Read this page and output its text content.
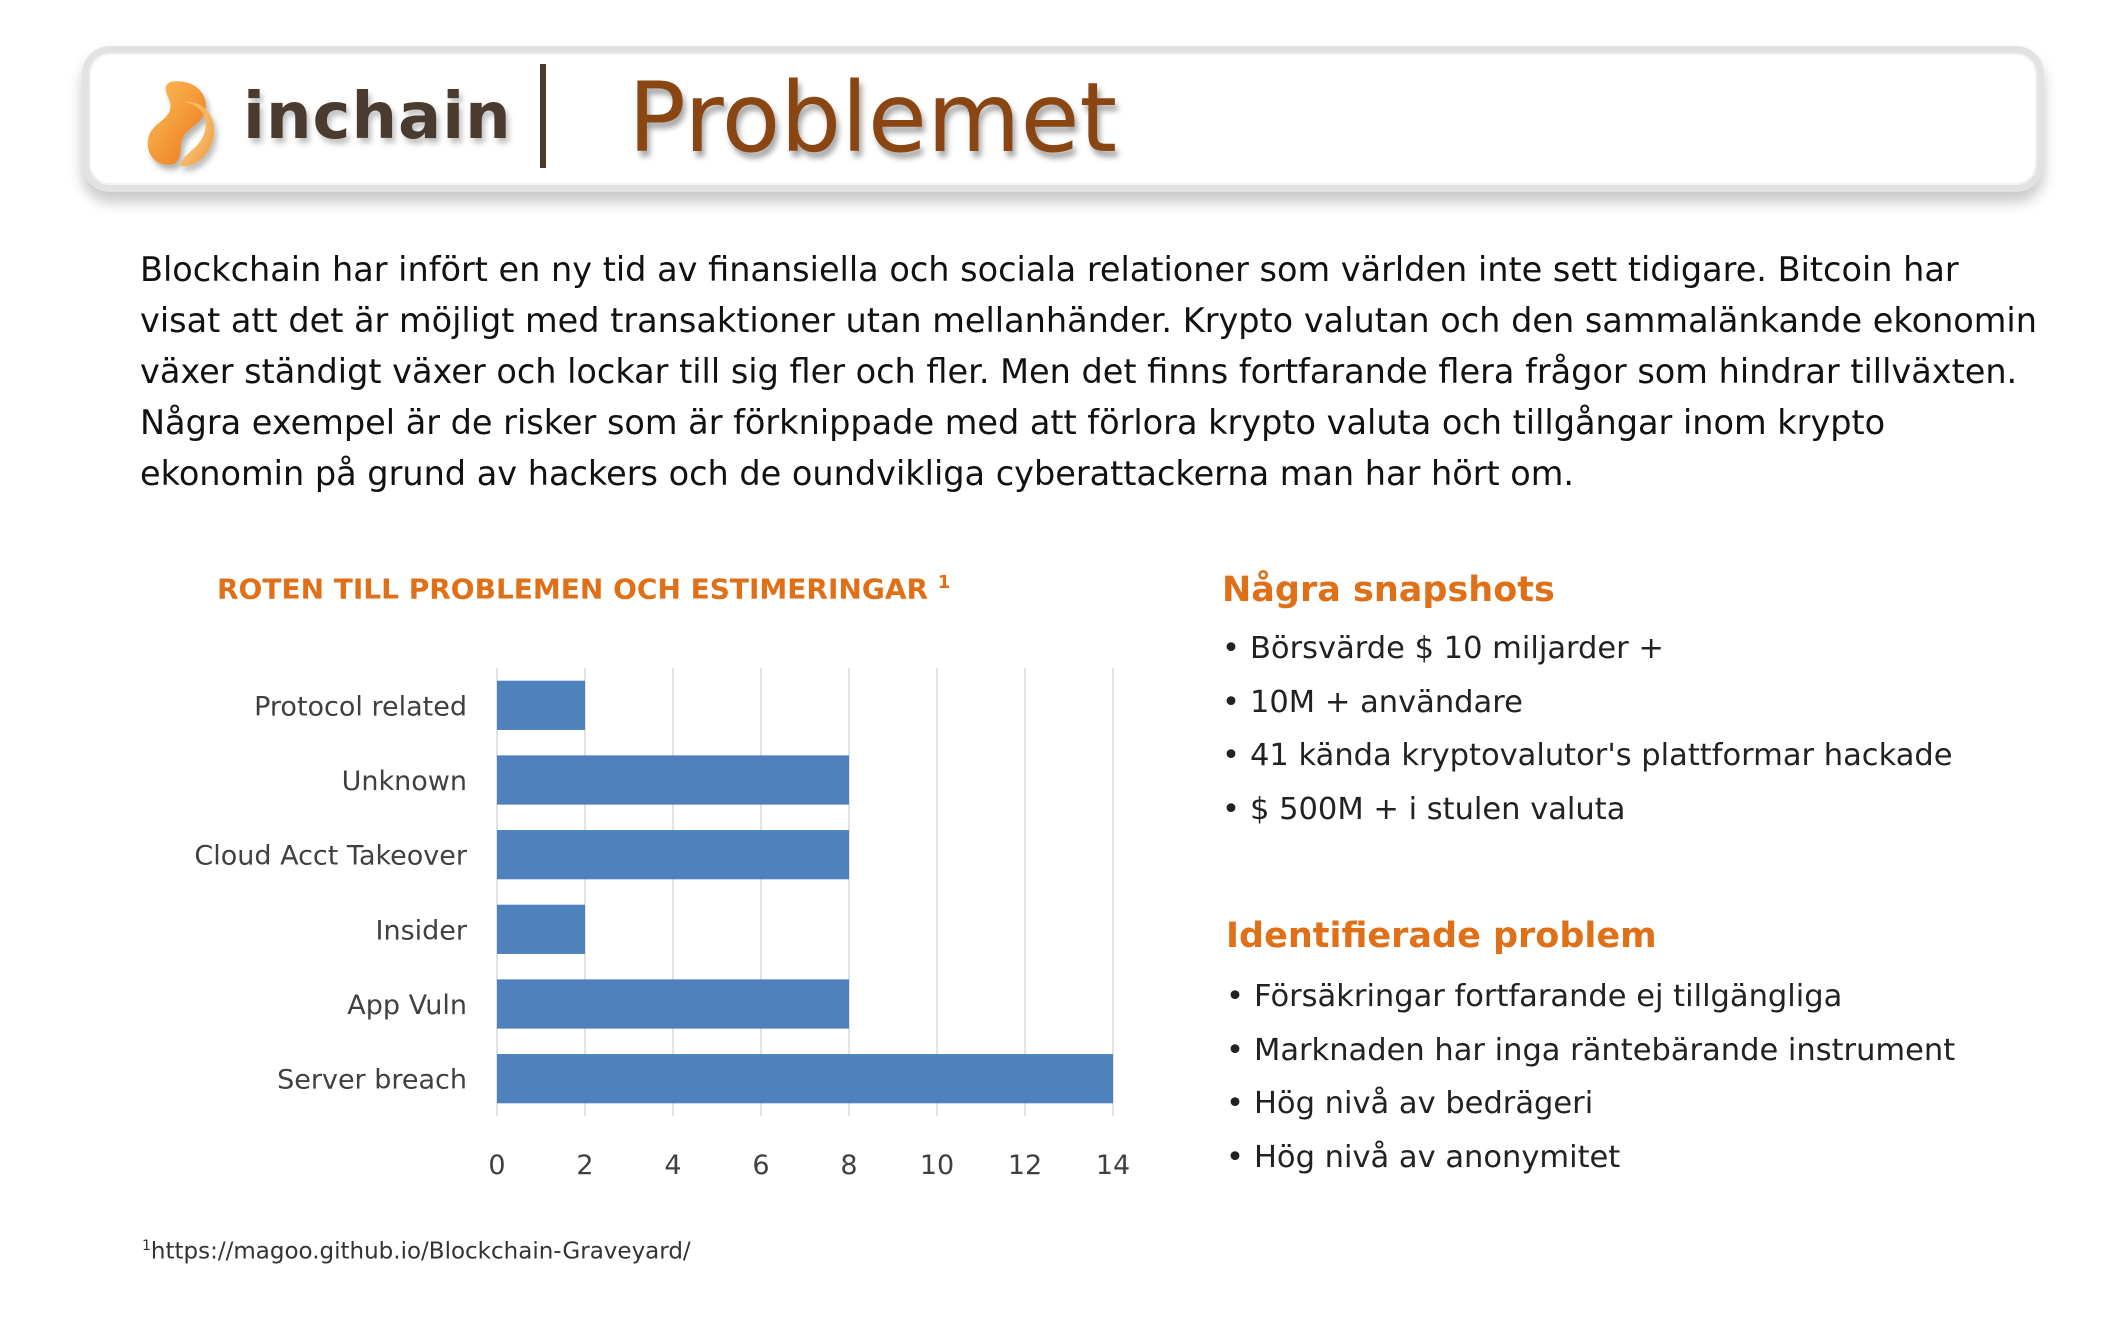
inchain Problemet

Blockchain har infört en ny tid av finansiella och sociala relationer som världen inte sett tidigare. Bitcoin har visat att det är möjligt med transaktioner utan mellanhänder. Krypto valutan och den sammalänkande ekonomin växer ständigt växer och lockar till sig fler och fler. Men det finns fortfarande flera frågor som hindrar tillväxten. Några exempel är de risker som är förknippade med att förlora krypto valuta och tillgångar inom krypto ekonomin på grund av hackers och de oundvikliga cyberattackerna man har hört om.

ROTEN TILL PROBLEMEN OCH ESTIMERINGAR $^1$
0	2	4	6	8 10 12 14
Protocol related
Unknown
Cloud Acct Takeover
Insider
App Vuln
Server breach
Några snapshots
• Börsvärde $ 10 miljarder +
• 10M + användare
• 41 kända kryptovalutor's plattformar hackade
• $ 500M + i stulen valuta
Identifierade problem
• Försäkringar fortfarande ej tillgängliga
• Marknaden har inga räntebärande instrument
• Hög nivå av bedrägeri
• Hög nivå av anonymitet
$^1$https://magoo.github.io/Blockchain-Graveyard/
